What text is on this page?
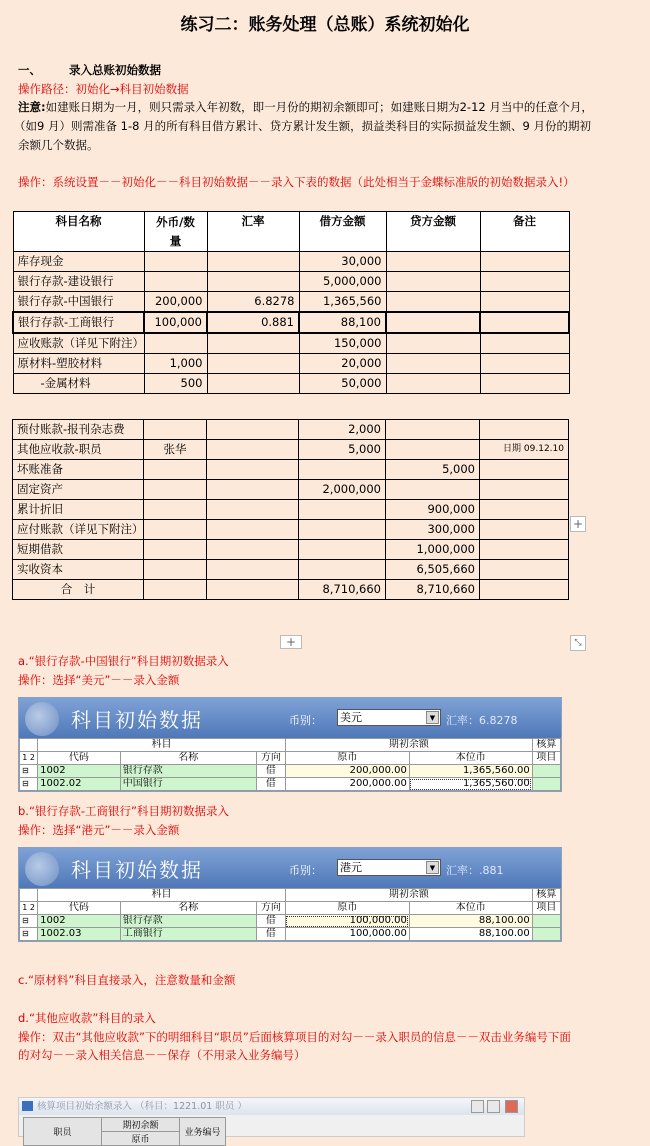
练习二：账务处理（总账）系统初始化
一、 录入总账初始数据
操作路径：初始化→科目初始数据
注意:如建账日期为一月，则只需录入年初数，即一月份的期初余额即可；如建账日期为2-12 月当中的任意个月，
（如9 月）则需准备 1-8 月的所有科目借方累计、贷方累计发生额，损益类科目的实际损益发生额、9 月份的期初
余额几个数据。
操作：系统设置－－初始化－－科目初始数据－－录入下表的数据（此处相当于金蝶标准版的初始数据录入!）
科目名称	外币/数量	汇率	借方金额	贷方金额	备注
库存现金			30,000		
银行存款-建设银行			5,000,000		
银行存款-中国银行	200,000	6.8278	1,365,560		
银行存款-工商银行	100,000	0.881	88,100		
应收账款（详见下附注）			150,000		
原材料-塑胶材料	1,000		20,000		
　　-金属材料	500		50,000		
预付账款-报刊杂志费			2,000		
其他应收款-职员	张华		5,000		日期 09.12.10
坏账准备				5,000	
固定资产			2,000,000		
累计折旧				900,000	
应付账款（详见下附注）				300,000	
短期借款				1,000,000	
实收资本				6,505,660	
合　计			8,710,660	8,710,660	
+
+	⤡
a.“银行存款-中国银行”科目期初数据录入
操作：选择“美元”－－录入金额
科目初始数据	币别： 美元	▼ 汇率：6.8278
	科目			期初余额		核算
1 2	代码	名称	方向	原币	本位币	项目
⊟	1002	银行存款	借	200,000.00	1,365,560.00	
⊟	1002.02	中国银行	借	200,000.00	1,365,560.00	
b.“银行存款-工商银行”科目期初数据录入
操作：选择“港元”－－录入金额
科目初始数据	币别： 港元	▼ 汇率：.881
	科目			期初余额		核算
1 2	代码	名称	方向	原币	本位币	项目
⊟	1002	银行存款	借	100,000.00	88,100.00	
⊟	1002.03	工商银行	借	100,000.00	88,100.00	
c.“原材料”科目直接录入，注意数量和金额
d.“其他应收款”科目的录入
操作：双击“其他应收款”下的明细科目“职员”后面核算项目的对勾－－录入职员的信息－－双击业务编号下面
的对勾－－录入相关信息－－保存（不用录入业务编号）
核算项目初始余额录入 （科目：1221.01 职员 ）
职员	期初余额	业务编号
原币
